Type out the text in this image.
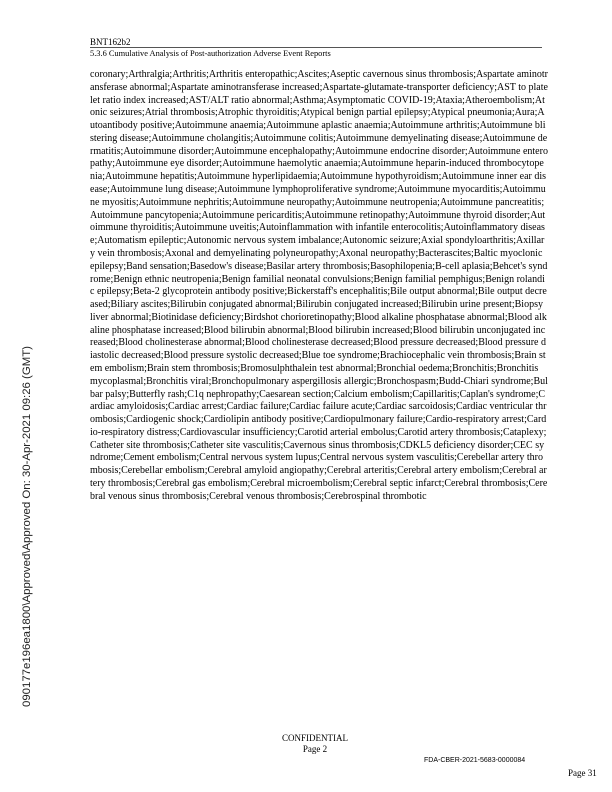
BNT162b2
5.3.6 Cumulative Analysis of Post-authorization Adverse Event Reports

coronary;Arthralgia;Arthritis;Arthritis enteropathic;Ascites;Aseptic cavernous sinus thrombosis;Aspartate aminotransferase abnormal;Aspartate aminotransferase increased;Aspartate-glutamate-transporter deficiency;AST to platelet ratio index increased;AST/ALT ratio abnormal;Asthma;Asymptomatic COVID-19;Ataxia;Atheroembolism;Atonic seizures;Atrial thrombosis;Atrophic thyroiditis;Atypical benign partial epilepsy;Atypical pneumonia;Aura;Autoantibody positive;Autoimmune anaemia;Autoimmune aplastic anaemia;Autoimmune arthritis;Autoimmune blistering disease;Autoimmune cholangitis;Autoimmune colitis;Autoimmune demyelinating disease;Autoimmune dermatitis;Autoimmune disorder;Autoimmune encephalopathy;Autoimmune endocrine disorder;Autoimmune enteropathy;Autoimmune eye disorder;Autoimmune haemolytic anaemia;Autoimmune heparin-induced thrombocytopenia;Autoimmune hepatitis;Autoimmune hyperlipidaemia;Autoimmune hypothyroidism;Autoimmune inner ear disease;Autoimmune lung disease;Autoimmune lymphoproliferative syndrome;Autoimmune myocarditis;Autoimmune myositis;Autoimmune nephritis;Autoimmune neuropathy;Autoimmune neutropenia;Autoimmune pancreatitis;Autoimmune pancytopenia;Autoimmune pericarditis;Autoimmune retinopathy;Autoimmune thyroid disorder;Autoimmune thyroiditis;Autoimmune uveitis;Autoinflammation with infantile enterocolitis;Autoinflammatory disease;Automatism epileptic;Autonomic nervous system imbalance;Autonomic seizure;Axial spondyloarthritis;Axillary vein thrombosis;Axonal and demyelinating polyneuropathy;Axonal neuropathy;Bacterascites;Baltic myoclonic epilepsy;Band sensation;Basedow's disease;Basilar artery thrombosis;Basophilopenia;B-cell aplasia;Behcet's syndrome;Benign ethnic neutropenia;Benign familial neonatal convulsions;Benign familial pemphigus;Benign rolandic epilepsy;Beta-2 glycoprotein antibody positive;Bickerstaff's encephalitis;Bile output abnormal;Bile output decreased;Biliary ascites;Bilirubin conjugated abnormal;Bilirubin conjugated increased;Bilirubin urine present;Biopsy liver abnormal;Biotinidase deficiency;Birdshot chorioretinopathy;Blood alkaline phosphatase abnormal;Blood alkaline phosphatase increased;Blood bilirubin abnormal;Blood bilirubin increased;Blood bilirubin unconjugated increased;Blood cholinesterase abnormal;Blood cholinesterase decreased;Blood pressure decreased;Blood pressure diastolic decreased;Blood pressure systolic decreased;Blue toe syndrome;Brachiocephalic vein thrombosis;Brain stem embolism;Brain stem thrombosis;Bromosulphthalein test abnormal;Bronchial oedema;Bronchitis;Bronchitis mycoplasmal;Bronchitis viral;Bronchopulmonary aspergillosis allergic;Bronchospasm;Budd-Chiari syndrome;Bulbar palsy;Butterfly rash;C1q nephropathy;Caesarean section;Calcium embolism;Capillaritis;Caplan's syndrome;Cardiac amyloidosis;Cardiac arrest;Cardiac failure;Cardiac failure acute;Cardiac sarcoidosis;Cardiac ventricular thrombosis;Cardiogenic shock;Cardiolipin antibody positive;Cardiopulmonary failure;Cardio-respiratory arrest;Cardio-respiratory distress;Cardiovascular insufficiency;Carotid arterial embolus;Carotid artery thrombosis;Cataplexy;Catheter site thrombosis;Catheter site vasculitis;Cavernous sinus thrombosis;CDKL5 deficiency disorder;CEC syndrome;Cement embolism;Central nervous system lupus;Central nervous system vasculitis;Cerebellar artery thrombosis;Cerebellar embolism;Cerebral amyloid angiopathy;Cerebral arteritis;Cerebral artery embolism;Cerebral artery thrombosis;Cerebral gas embolism;Cerebral microembolism;Cerebral septic infarct;Cerebral thrombosis;Cerebral venous sinus thrombosis;Cerebral venous thrombosis;Cerebrospinal thrombotic

090177e196ea1800\Approved\Approved On: 30-Apr-2021 09:26 (GMT)
CONFIDENTIAL
Page 2
FDA-CBER-2021-5683-0000084
Page 31
